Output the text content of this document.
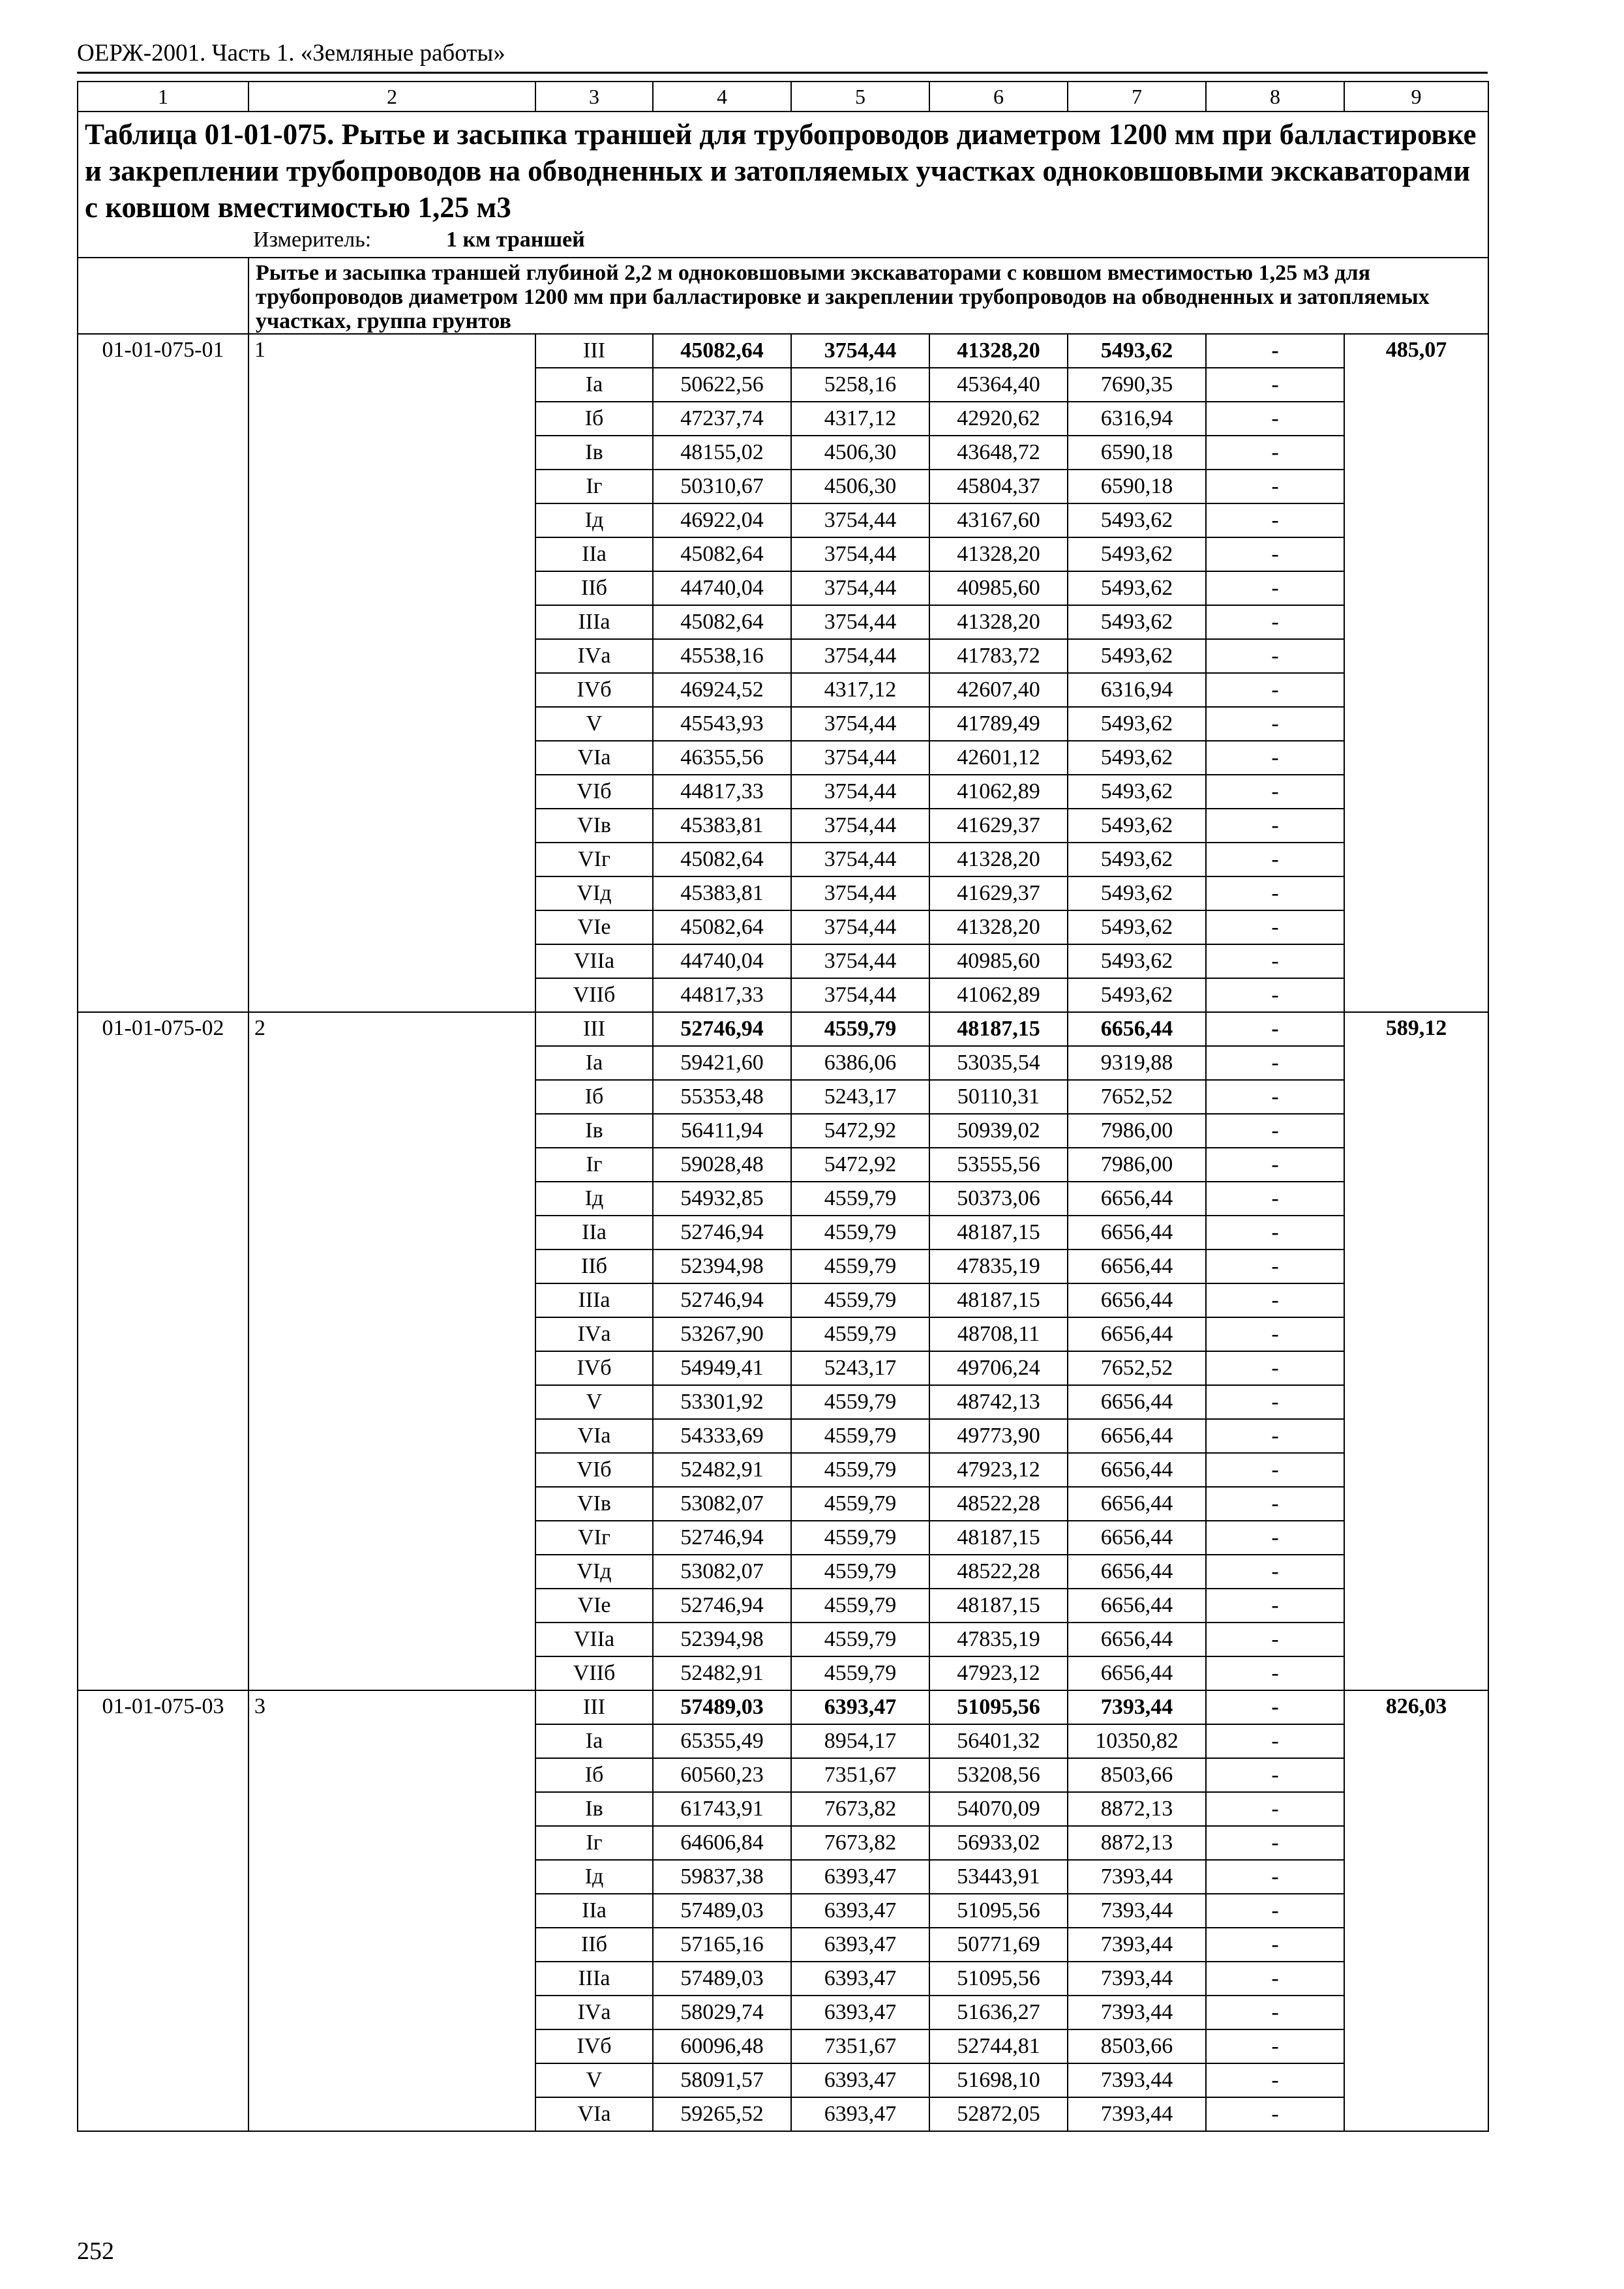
ОЕРЖ-2001. Часть 1. «Земляные работы»
1	2	3	4	5	6	7	8	9
Таблица 01-01-075. Рытье и засыпка траншей для трубопроводов диаметром 1200 мм при балластировке и закреплении трубопроводов на обводненных и затопляемых участках одноковшовыми экскаваторами с ковшом вместимостью 1,25 м3								
Измеритель: 1 км траншей								
	Рытье и засыпка траншей глубиной 2,2 м одноковшовыми экскаваторами с ковшом вместимостью 1,25 м3 для трубопроводов диаметром 1200 мм при балластировке и закреплении трубопроводов на обводненных и затопляемых участках, группа грунтов							
01-01-075-01	1	III	45082,64	3754,44	41328,20	5493,62	-	485,07
		Iа	50622,56	5258,16	45364,40	7690,35	-	
		Iб	47237,74	4317,12	42920,62	6316,94	-	
		Iв	48155,02	4506,30	43648,72	6590,18	-	
		Iг	50310,67	4506,30	45804,37	6590,18	-	
		Iд	46922,04	3754,44	43167,60	5493,62	-	
		IIа	45082,64	3754,44	41328,20	5493,62	-	
		IIб	44740,04	3754,44	40985,60	5493,62	-	
		IIIа	45082,64	3754,44	41328,20	5493,62	-	
		IVа	45538,16	3754,44	41783,72	5493,62	-	
		IVб	46924,52	4317,12	42607,40	6316,94	-	
		V	45543,93	3754,44	41789,49	5493,62	-	
		VIа	46355,56	3754,44	42601,12	5493,62	-	
		VIб	44817,33	3754,44	41062,89	5493,62	-	
		VIв	45383,81	3754,44	41629,37	5493,62	-	
		VIг	45082,64	3754,44	41328,20	5493,62	-	
		VIд	45383,81	3754,44	41629,37	5493,62	-	
		VIе	45082,64	3754,44	41328,20	5493,62	-	
		VIIа	44740,04	3754,44	40985,60	5493,62	-	
		VIIб	44817,33	3754,44	41062,89	5493,62	-	
01-01-075-02	2	III	52746,94	4559,79	48187,15	6656,44	-	589,12
		Iа	59421,60	6386,06	53035,54	9319,88	-	
		Iб	55353,48	5243,17	50110,31	7652,52	-	
		Iв	56411,94	5472,92	50939,02	7986,00	-	
		Iг	59028,48	5472,92	53555,56	7986,00	-	
		Iд	54932,85	4559,79	50373,06	6656,44	-	
		IIа	52746,94	4559,79	48187,15	6656,44	-	
		IIб	52394,98	4559,79	47835,19	6656,44	-	
		IIIа	52746,94	4559,79	48187,15	6656,44	-	
		IVа	53267,90	4559,79	48708,11	6656,44	-	
		IVб	54949,41	5243,17	49706,24	7652,52	-	
		V	53301,92	4559,79	48742,13	6656,44	-	
		VIа	54333,69	4559,79	49773,90	6656,44	-	
		VIб	52482,91	4559,79	47923,12	6656,44	-	
		VIв	53082,07	4559,79	48522,28	6656,44	-	
		VIг	52746,94	4559,79	48187,15	6656,44	-	
		VIд	53082,07	4559,79	48522,28	6656,44	-	
		VIе	52746,94	4559,79	48187,15	6656,44	-	
		VIIа	52394,98	4559,79	47835,19	6656,44	-	
		VIIб	52482,91	4559,79	47923,12	6656,44	-	
01-01-075-03	3	III	57489,03	6393,47	51095,56	7393,44	-	826,03
		Iа	65355,49	8954,17	56401,32	10350,82	-	
		Iб	60560,23	7351,67	53208,56	8503,66	-	
		Iв	61743,91	7673,82	54070,09	8872,13	-	
		Iг	64606,84	7673,82	56933,02	8872,13	-	
		Iд	59837,38	6393,47	53443,91	7393,44	-	
		IIа	57489,03	6393,47	51095,56	7393,44	-	
		IIб	57165,16	6393,47	50771,69	7393,44	-	
		IIIа	57489,03	6393,47	51095,56	7393,44	-	
		IVа	58029,74	6393,47	51636,27	7393,44	-	
		IVб	60096,48	7351,67	52744,81	8503,66	-	
		V	58091,57	6393,47	51698,10	7393,44	-	
		VIа	59265,52	6393,47	52872,05	7393,44	-	
252
